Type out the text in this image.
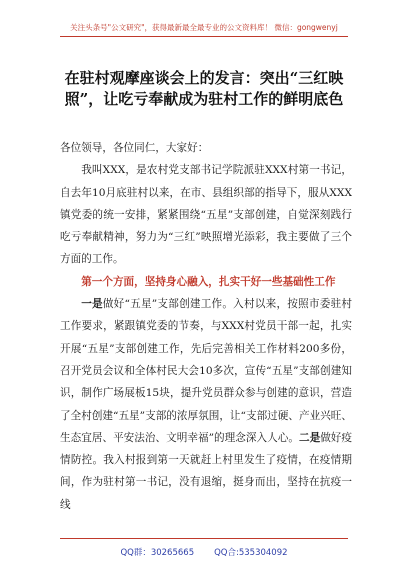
关注头条号"公文研究"，获得最新最全最专业的公文资料库！ 微信：gongwenyj
在驻村观摩座谈会上的发言：突出“三红映照”，让吃亏奉献成为驻村工作的鲜明底色

各位领导，各位同仁，大家好：

我叫XXX，是农村党支部书记学院派驻XXX村第一书记，自去年10月底驻村以来，在市、县组织部的指导下，服从XXX镇党委的统一安排，紧紧围绕“五星”支部创建，自觉深刻践行吃亏奉献精神，努力为“三红”映照增光添彩，我主要做了三个方面的工作。

第一个方面，坚持身心融入，扎实干好一些基础性工作

一是做好“五星”支部创建工作。入村以来，按照市委驻村工作要求，紧跟镇党委的节奏，与XXX村党员干部一起，扎实开展“五星”支部创建工作，先后完善相关工作材料200多份，召开党员会议和全体村民大会10多次，宣传“五星”支部创建知识，制作广场展板15块，提升党员群众参与创建的意识，营造了全村创建“五星”支部的浓厚氛围，让“支部过硬、产业兴旺、生态宜居、平安法治、文明幸福”的理念深入人心。二是做好疫情防控。我入村报到第一天就赶上村里发生了疫情，在疫情期间，作为驻村第一书记，没有退缩，挺身而出，坚持在抗疫一线

QQ群：30265665 QQ合:535304092
